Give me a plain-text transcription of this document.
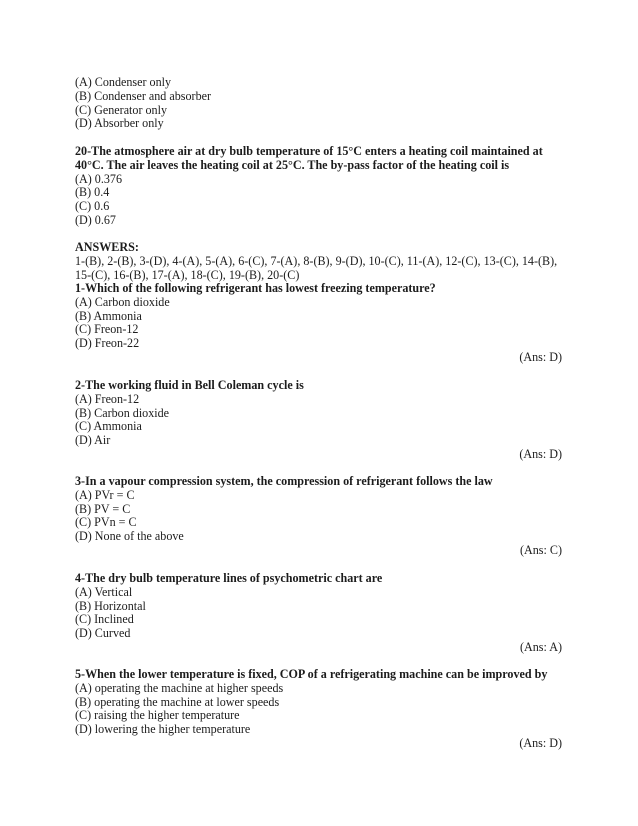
(A) Condenser only
(B) Condenser and absorber
(C) Generator only
(D) Absorber only
20-The atmosphere air at dry bulb temperature of 15°C enters a heating coil maintained at
40°C. The air leaves the heating coil at 25°C. The by-pass factor of the heating coil is
(A) 0.376
(B) 0.4
(C) 0.6
(D) 0.67
ANSWERS:
1-(B), 2-(B), 3-(D), 4-(A), 5-(A), 6-(C), 7-(A), 8-(B), 9-(D), 10-(C), 11-(A), 12-(C), 13-(C), 14-(B),
15-(C), 16-(B), 17-(A), 18-(C), 19-(B), 20-(C)
1-Which of the following refrigerant has lowest freezing temperature?
(A) Carbon dioxide
(B) Ammonia
(C) Freon-12
(D) Freon-22
(Ans: D)
2-The working fluid in Bell Coleman cycle is
(A) Freon-12
(B) Carbon dioxide
(C) Ammonia
(D) Air
(Ans: D)
3-In a vapour compression system, the compression of refrigerant follows the law
(A) PVr = C
(B) PV = C
(C) PVn = C
(D) None of the above
(Ans: C)
4-The dry bulb temperature lines of psychometric chart are
(A) Vertical
(B) Horizontal
(C) Inclined
(D) Curved
(Ans: A)
5-When the lower temperature is fixed, COP of a refrigerating machine can be improved by
(A) operating the machine at higher speeds
(B) operating the machine at lower speeds
(C) raising the higher temperature
(D) lowering the higher temperature
(Ans: D)
